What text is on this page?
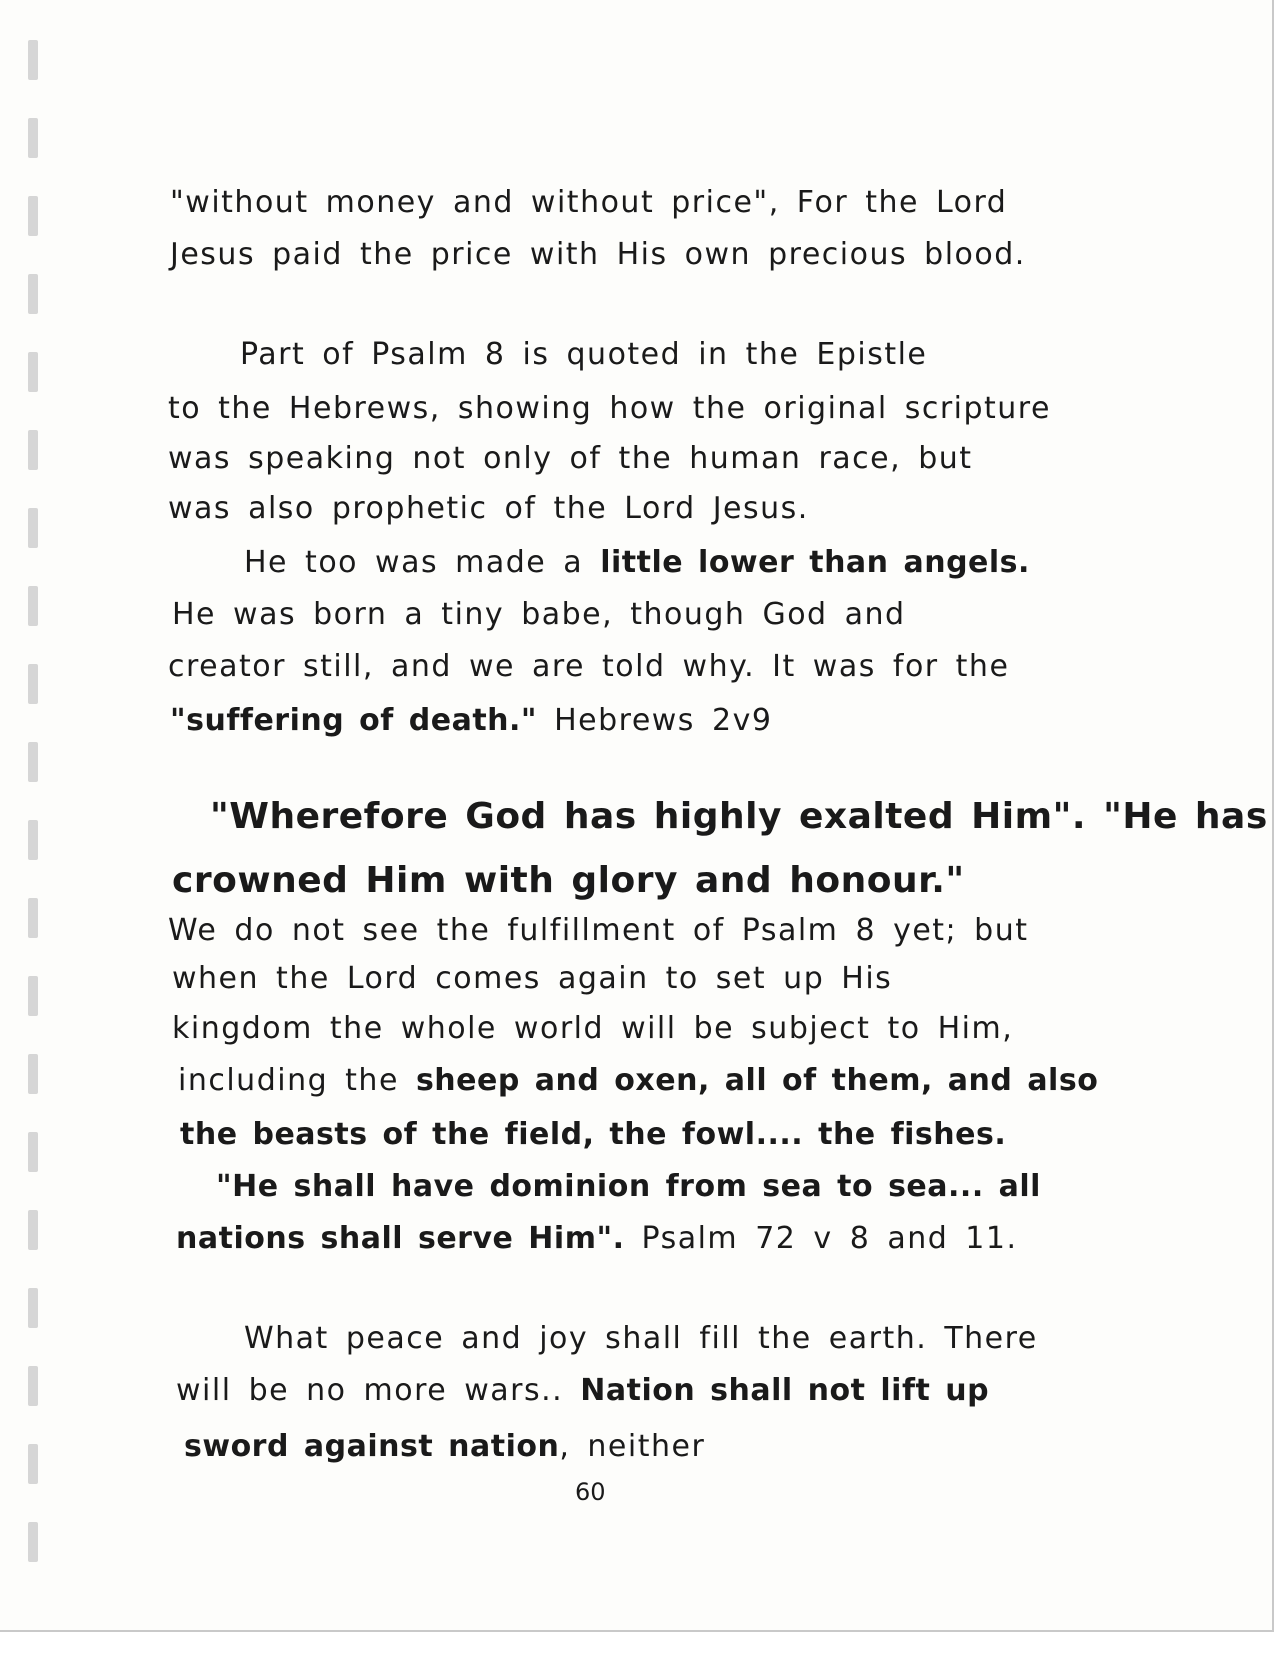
"without money and without price", For the Lord
Jesus paid the price with His own precious blood.
Part of Psalm 8 is quoted in the Epistle
to the Hebrews, showing how the original scripture
was speaking not only of the human race, but
was also prophetic of the Lord Jesus.
He too was made a little lower than angels.
He was born a tiny babe, though God and
creator still, and we are told why. It was for the
"suffering of death." Hebrews 2v9
"Wherefore God has highly exalted Him". "He has
crowned Him with glory and honour."
We do not see the fulfillment of Psalm 8 yet; but
when the Lord comes again to set up His
kingdom the whole world will be subject to Him,
including the sheep and oxen, all of them, and also
the beasts of the field, the fowl.... the fishes.
"He shall have dominion from sea to sea... all
nations shall serve Him". Psalm 72 v 8 and 11.
What peace and joy shall fill the earth. There
will be no more wars.. Nation shall not lift up
sword against nation, neither
60
